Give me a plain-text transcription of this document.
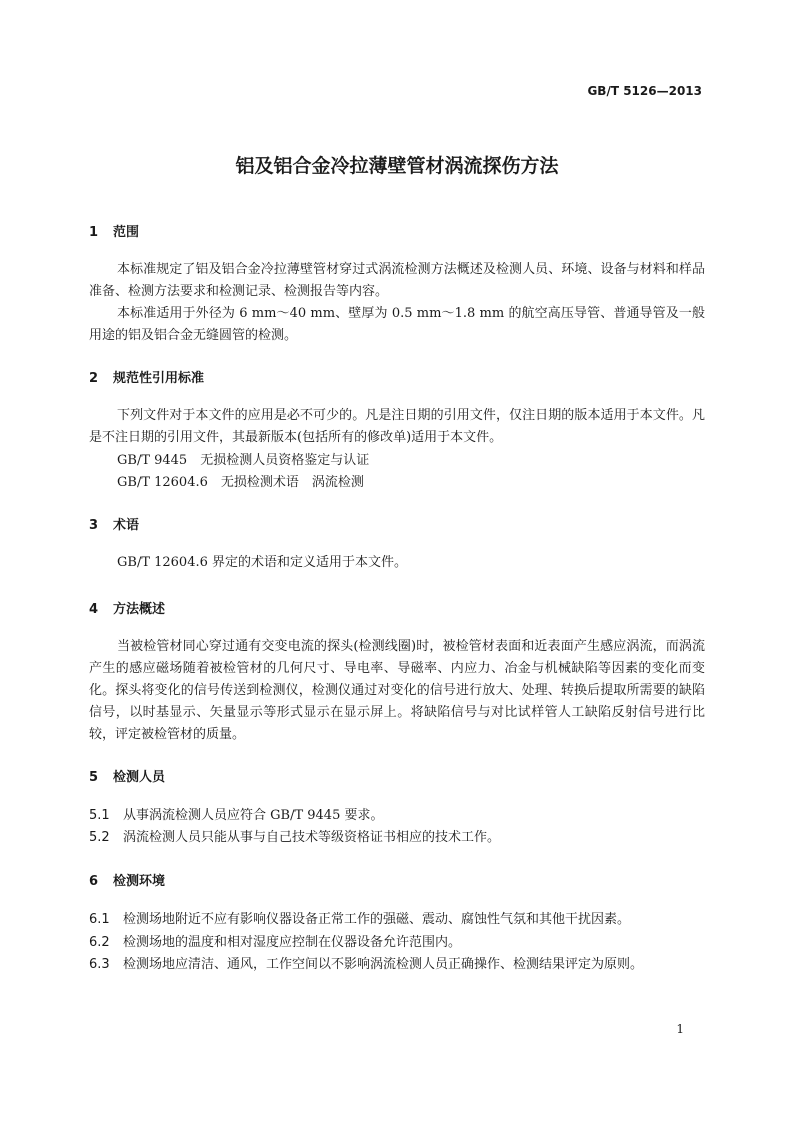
GB/T 5126—2013
铝及铝合金冷拉薄壁管材涡流探伤方法
1 范围
本标准规定了铝及铝合金冷拉薄壁管材穿过式涡流检测方法概述及检测人员、环境、设备与材料和样品准备、检测方法要求和检测记录、检测报告等内容。
本标准适用于外径为 6 mm～40 mm、壁厚为 0.5 mm～1.8 mm 的航空高压导管、普通导管及一般用途的铝及铝合金无缝圆管的检测。
2 规范性引用标准
下列文件对于本文件的应用是必不可少的。凡是注日期的引用文件，仅注日期的版本适用于本文件。凡是不注日期的引用文件，其最新版本(包括所有的修改单)适用于本文件。
GB/T 9445　无损检测人员资格鉴定与认证
GB/T 12604.6　无损检测术语　涡流检测
3 术语
GB/T 12604.6 界定的术语和定义适用于本文件。
4 方法概述
当被检管材同心穿过通有交变电流的探头(检测线圈)时，被检管材表面和近表面产生感应涡流，而涡流产生的感应磁场随着被检管材的几何尺寸、导电率、导磁率、内应力、冶金与机械缺陷等因素的变化而变化。探头将变化的信号传送到检测仪，检测仪通过对变化的信号进行放大、处理、转换后提取所需要的缺陷信号，以时基显示、矢量显示等形式显示在显示屏上。将缺陷信号与对比试样管人工缺陷反射信号进行比较，评定被检管材的质量。
5 检测人员
5.1 从事涡流检测人员应符合 GB/T 9445 要求。
5.2 涡流检测人员只能从事与自己技术等级资格证书相应的技术工作。
6 检测环境
6.1 检测场地附近不应有影响仪器设备正常工作的强磁、震动、腐蚀性气氛和其他干扰因素。
6.2 检测场地的温度和相对湿度应控制在仪器设备允许范围内。
6.3 检测场地应清洁、通风，工作空间以不影响涡流检测人员正确操作、检测结果评定为原则。
1
